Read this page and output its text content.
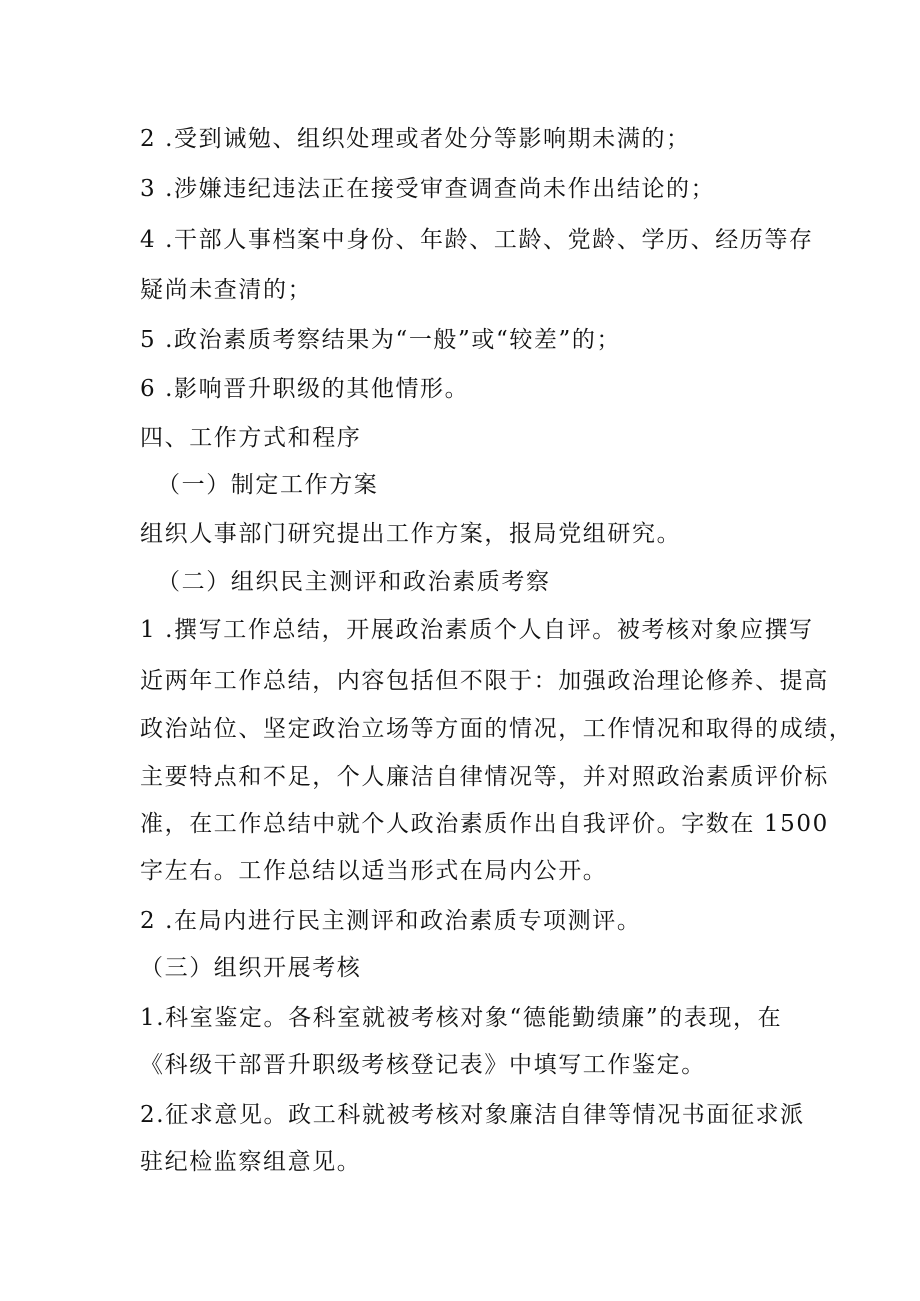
2 .受到诫勉、组织处理或者处分等影响期未满的；
3 .涉嫌违纪违法正在接受审查调查尚未作出结论的；
4 .干部人事档案中身份、年龄、工龄、党龄、学历、经历等存
疑尚未查清的；
5 .政治素质考察结果为“一般”或“较差”的；
6 .影响晋升职级的其他情形。
四、工作方式和程序
（一）制定工作方案
组织人事部门研究提出工作方案，报局党组研究。
（二）组织民主测评和政治素质考察
1 .撰写工作总结，开展政治素质个人自评。被考核对象应撰写
近两年工作总结，内容包括但不限于：加强政治理论修养、提高
政治站位、坚定政治立场等方面的情况，工作情况和取得的成绩，
主要特点和不足，个人廉洁自律情况等，并对照政治素质评价标
准，在工作总结中就个人政治素质作出自我评价。字数在 1500
字左右。工作总结以适当形式在局内公开。
2 .在局内进行民主测评和政治素质专项测评。
（三）组织开展考核
1.科室鉴定。各科室就被考核对象“德能勤绩廉”的表现，在
《科级干部晋升职级考核登记表》中填写工作鉴定。
2.征求意见。政工科就被考核对象廉洁自律等情况书面征求派
驻纪检监察组意见。
